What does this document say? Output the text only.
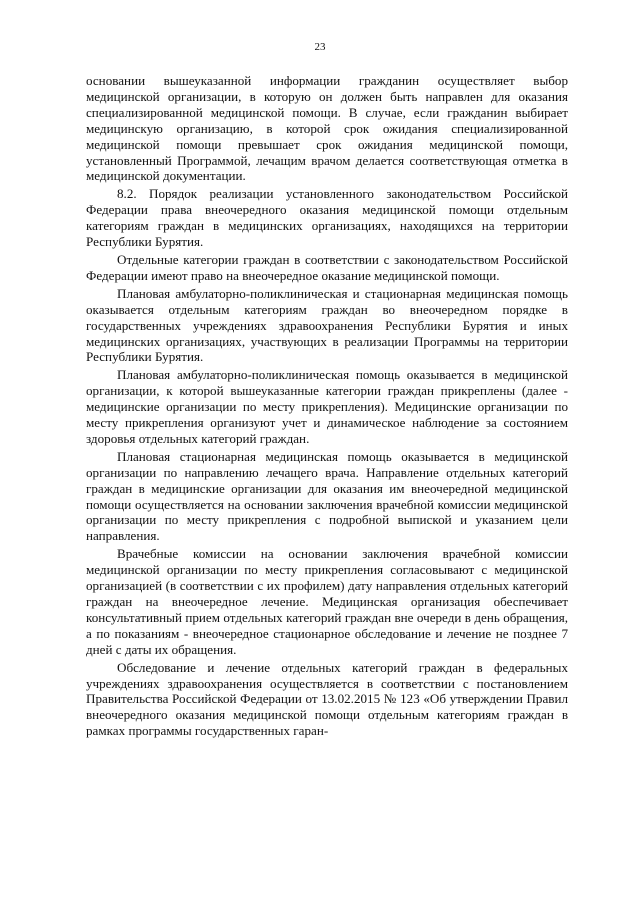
23

основании вышеуказанной информации гражданин осуществляет выбор медицинской организации, в которую он должен быть направлен для оказания специализированной медицинской помощи. В случае, если гражданин выбирает медицинскую организацию, в которой срок ожидания специализированной медицинской помощи превышает срок ожидания медицинской помощи, установленный Программой, лечащим врачом делается соответствующая отметка в медицинской документации.

8.2. Порядок реализации установленного законодательством Российской Федерации права внеочередного оказания медицинской помощи отдельным категориям граждан в медицинских организациях, находящихся на территории Республики Бурятия.

Отдельные категории граждан в соответствии с законодательством Российской Федерации имеют право на внеочередное оказание медицинской помощи.

Плановая амбулаторно-поликлиническая и стационарная медицинская помощь оказывается отдельным категориям граждан во внеочередном порядке в государственных учреждениях здравоохранения Республики Бурятия и иных медицинских организациях, участвующих в реализации Программы на территории Республики Бурятия.

Плановая амбулаторно-поликлиническая помощь оказывается в медицинской организации, к которой вышеуказанные категории граждан прикреплены (далее - медицинские организации по месту прикрепления). Медицинские организации по месту прикрепления организуют учет и динамическое наблюдение за состоянием здоровья отдельных категорий граждан.

Плановая стационарная медицинская помощь оказывается в медицинской организации по направлению лечащего врача. Направление отдельных категорий граждан в медицинские организации для оказания им внеочередной медицинской помощи осуществляется на основании заключения врачебной комиссии медицинской организации по месту прикрепления с подробной выпиской и указанием цели направления.

Врачебные комиссии на основании заключения врачебной комиссии медицинской организации по месту прикрепления согласовывают с медицинской организацией (в соответствии с их профилем) дату направления отдельных категорий граждан на внеочередное лечение. Медицинская организация обеспечивает консультативный прием отдельных категорий граждан вне очереди в день обращения, а по показаниям - внеочередное стационарное обследование и лечение не позднее 7 дней с даты их обращения.

Обследование и лечение отдельных категорий граждан в федеральных учреждениях здравоохранения осуществляется в соответствии с постановлением Правительства Российской Федерации от 13.02.2015 № 123 «Об утверждении Правил внеочередного оказания медицинской помощи отдельным категориям граждан в рамках программы государственных гаран-
